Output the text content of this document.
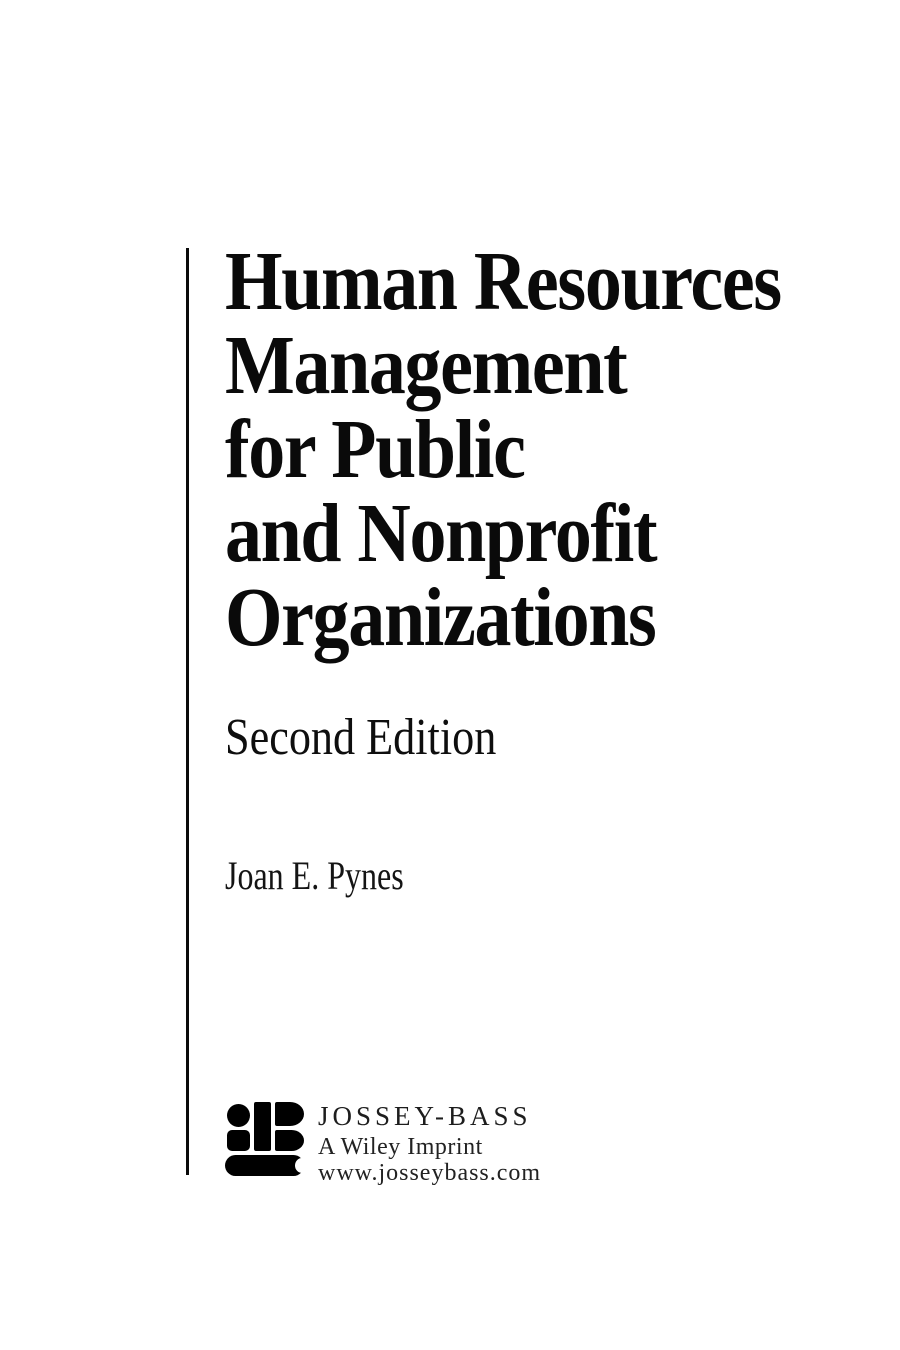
Human Resources
Management
for Public
and Nonprofit
Organizations
Second Edition
Joan E. Pynes
JOSSEY-BASS
A Wiley Imprint
www.josseybass.com
